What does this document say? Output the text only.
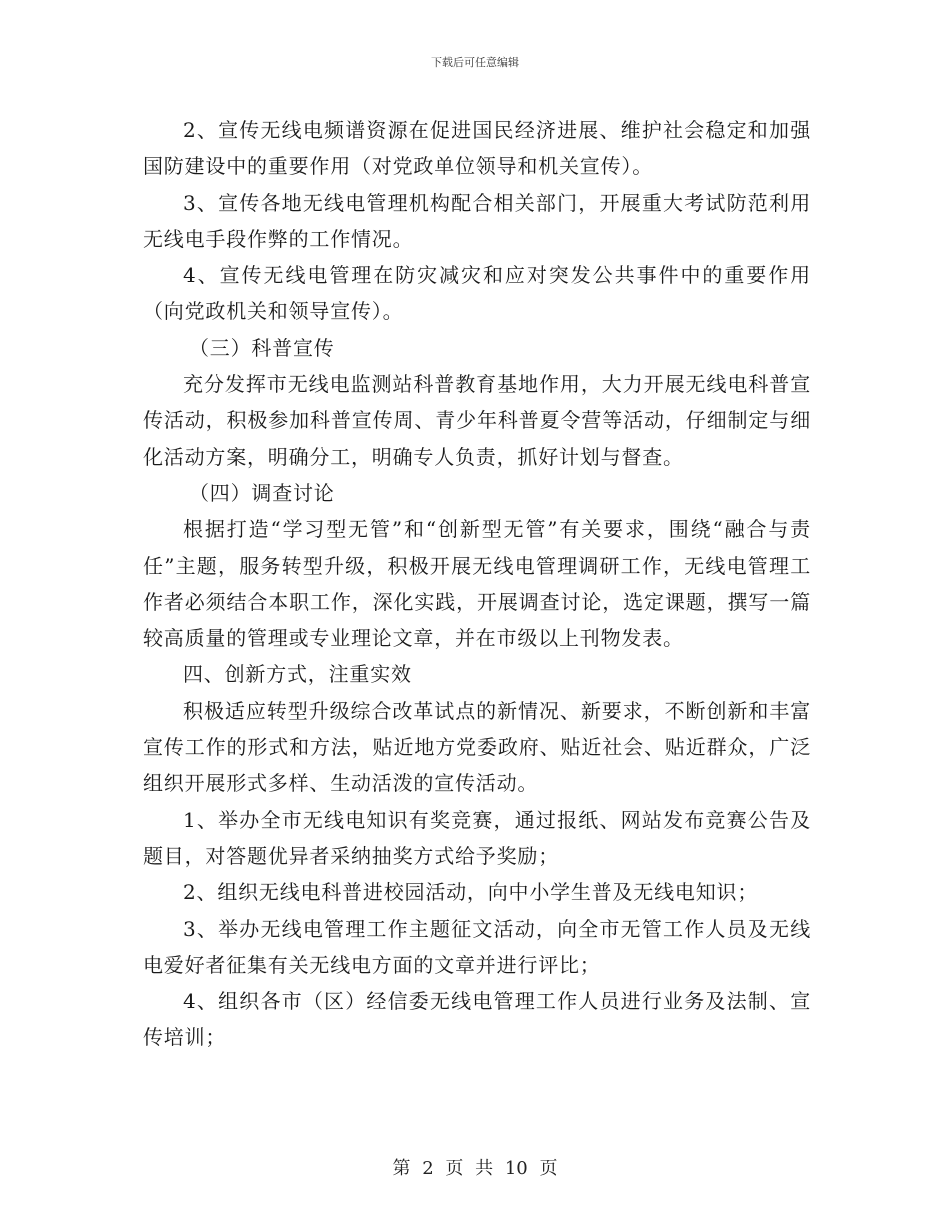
下载后可任意编辑

2、宣传无线电频谱资源在促进国民经济进展、维护社会稳定和加强国防建设中的重要作用（对党政单位领导和机关宣传）。

3、宣传各地无线电管理机构配合相关部门，开展重大考试防范利用无线电手段作弊的工作情况。

4、宣传无线电管理在防灾减灾和应对突发公共事件中的重要作用（向党政机关和领导宣传）。

（三）科普宣传

充分发挥市无线电监测站科普教育基地作用，大力开展无线电科普宣传活动，积极参加科普宣传周、青少年科普夏令营等活动，仔细制定与细化活动方案，明确分工，明确专人负责，抓好计划与督查。

（四）调查讨论

根据打造“学习型无管”和“创新型无管”有关要求，围绕“融合与责任”主题，服务转型升级，积极开展无线电管理调研工作，无线电管理工作者必须结合本职工作，深化实践，开展调查讨论，选定课题，撰写一篇较高质量的管理或专业理论文章，并在市级以上刊物发表。

四、创新方式，注重实效

积极适应转型升级综合改革试点的新情况、新要求，不断创新和丰富宣传工作的形式和方法，贴近地方党委政府、贴近社会、贴近群众，广泛组织开展形式多样、生动活泼的宣传活动。

1、举办全市无线电知识有奖竞赛，通过报纸、网站发布竞赛公告及题目，对答题优异者采纳抽奖方式给予奖励；

2、组织无线电科普进校园活动，向中小学生普及无线电知识；

3、举办无线电管理工作主题征文活动，向全市无管工作人员及无线电爱好者征集有关无线电方面的文章并进行评比；

4、组织各市（区）经信委无线电管理工作人员进行业务及法制、宣传培训；

第 2 页 共 10 页
